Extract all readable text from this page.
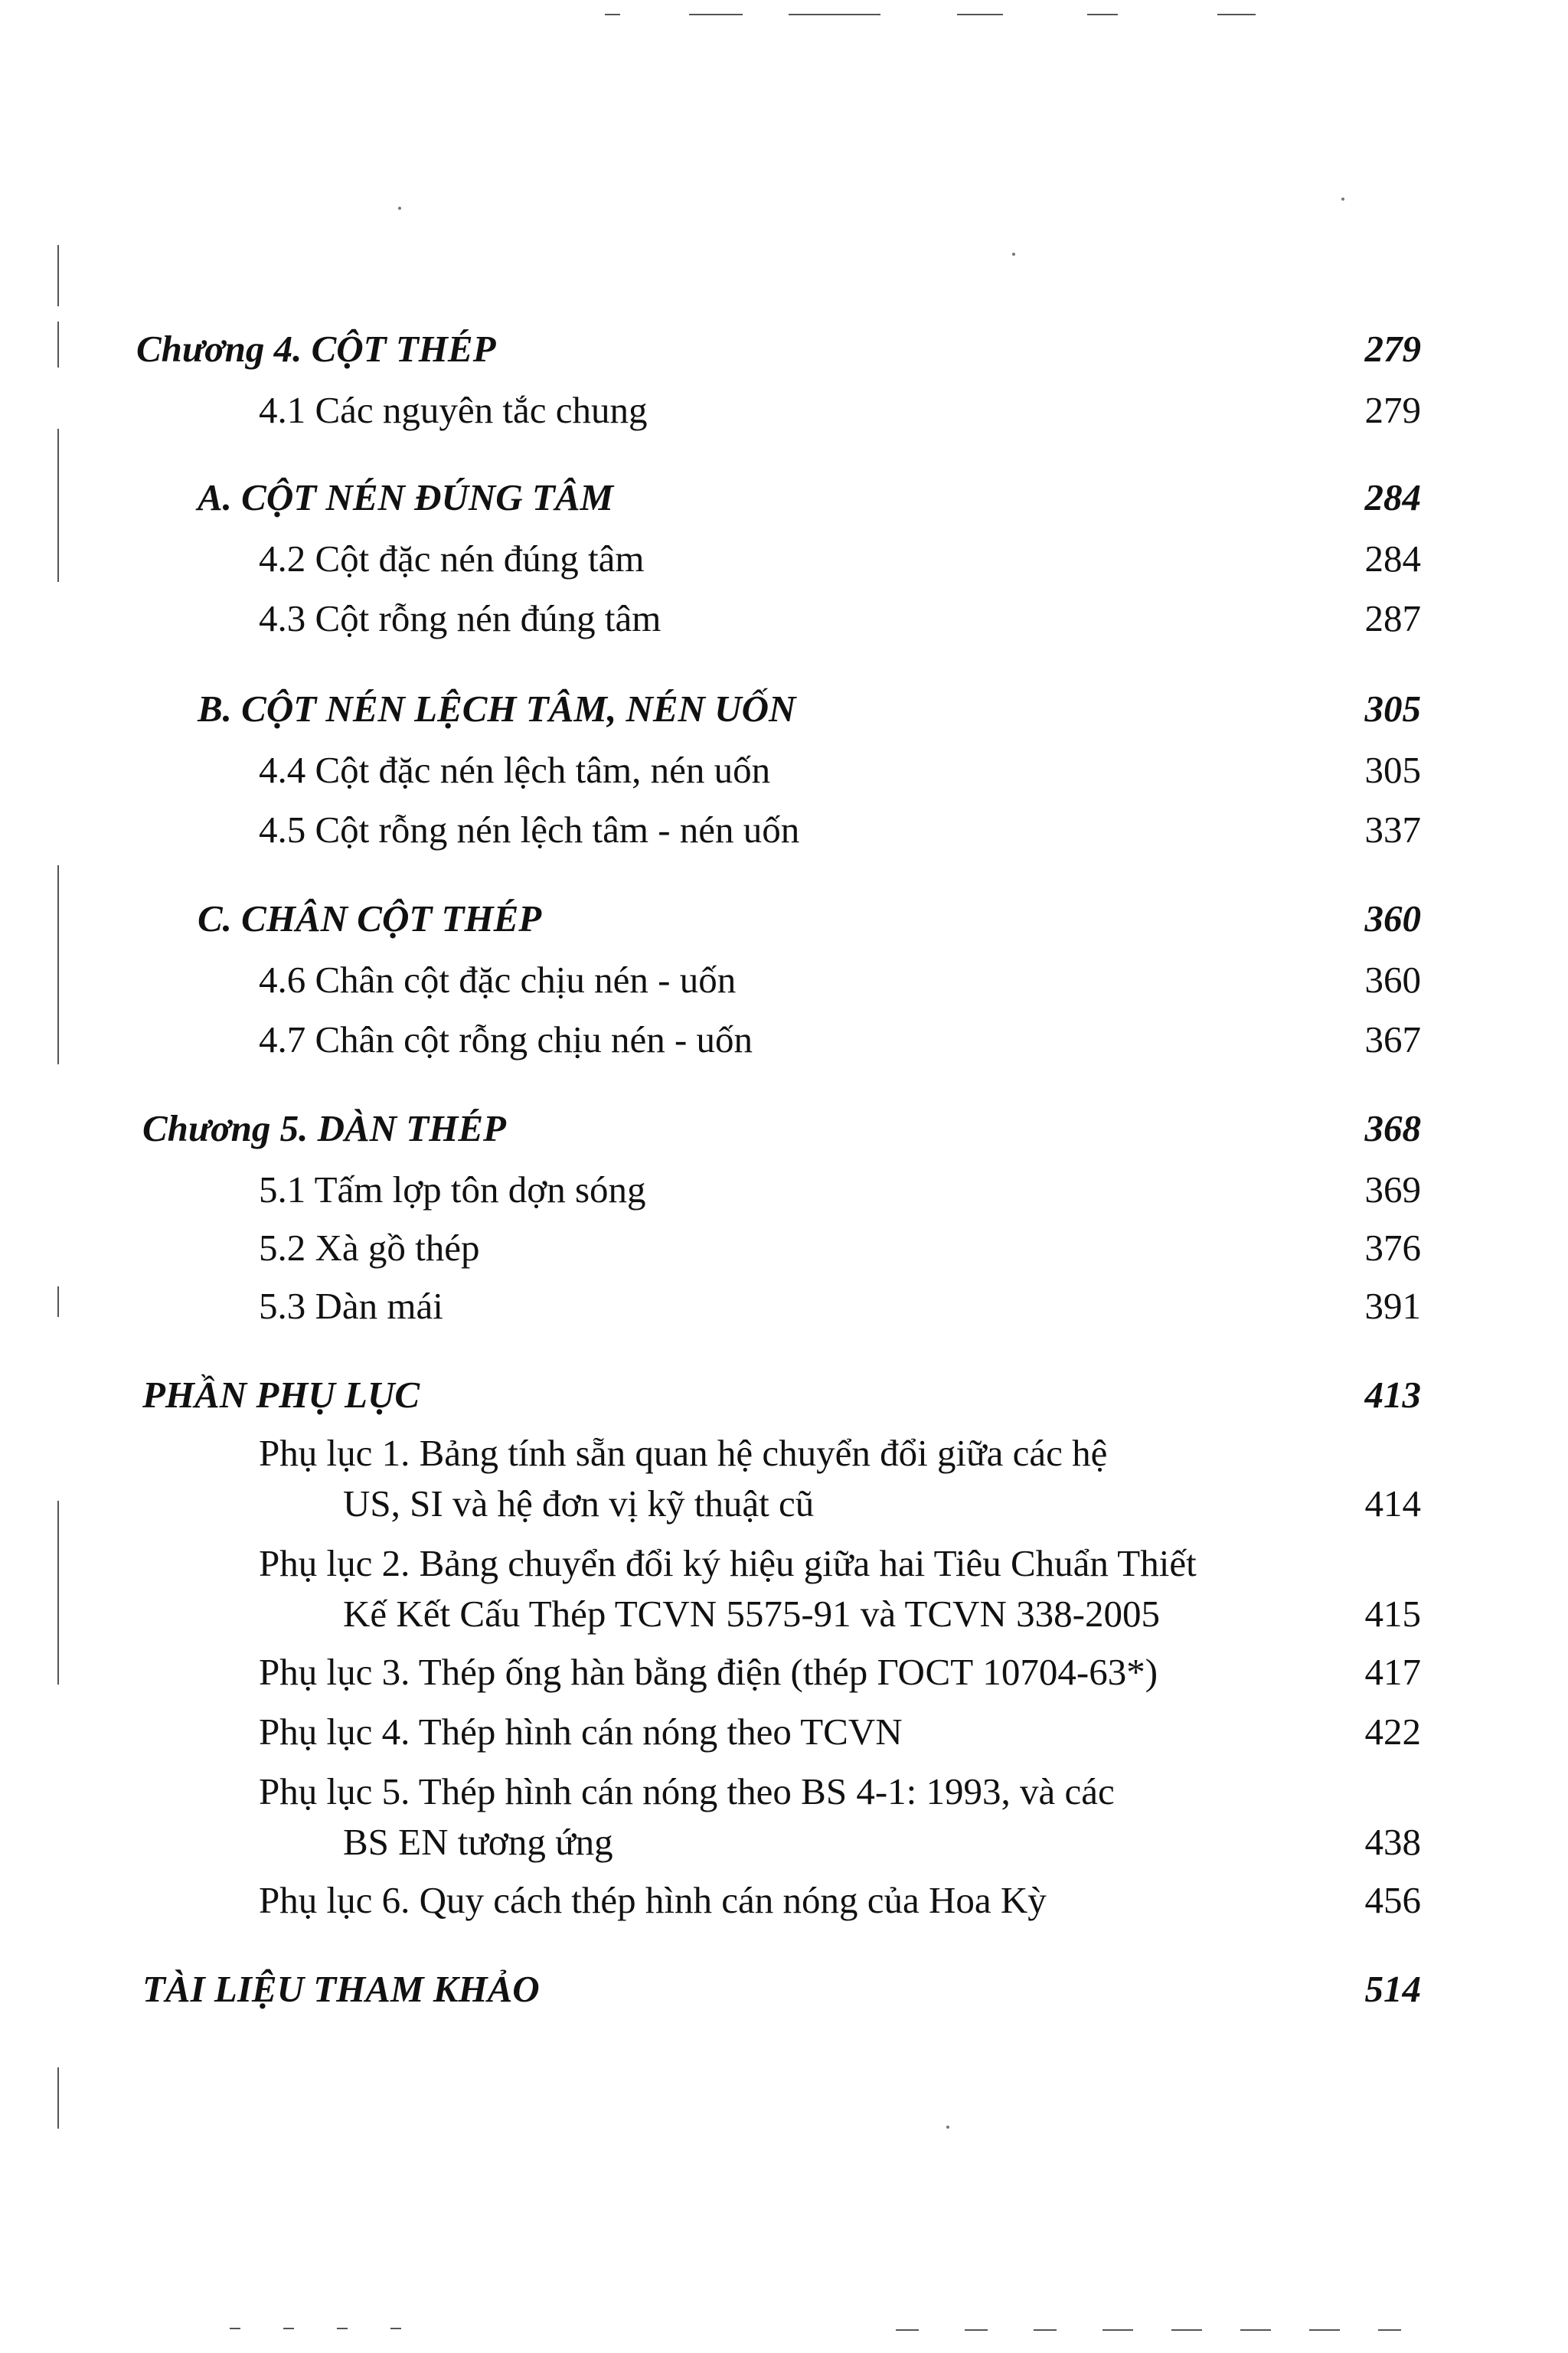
Chương 4. CỘT THÉP	279
4.1 Các nguyên tắc chung	279
A. CỘT NÉN ĐÚNG TÂM	284
4.2 Cột đặc nén đúng tâm	284
4.3 Cột rỗng nén đúng tâm	287
B. CỘT NÉN LỆCH TÂM, NÉN UỐN	305
4.4 Cột đặc nén lệch tâm, nén uốn	305
4.5 Cột rỗng nén lệch tâm - nén uốn	337
C. CHÂN CỘT THÉP	360
4.6 Chân cột đặc chịu nén - uốn	360
4.7 Chân cột rỗng chịu nén - uốn	367
Chương 5. DÀN THÉP	368
5.1 Tấm lợp tôn dợn sóng	369
5.2 Xà gồ thép	376
5.3 Dàn mái	391
PHẦN PHỤ LỤC	413
Phụ lục 1. Bảng tính sẵn quan hệ chuyển đổi giữa các hệ
US, SI và hệ đơn vị kỹ thuật cũ	414
Phụ lục 2. Bảng chuyển đổi ký hiệu giữa hai Tiêu Chuẩn Thiết
Kế Kết Cấu Thép TCVN 5575-91 và TCVN 338-2005	415
Phụ lục 3. Thép ống hàn bằng điện (thép ГОСТ 10704-63*)	417
Phụ lục 4. Thép hình cán nóng theo TCVN	422
Phụ lục 5. Thép hình cán nóng theo BS 4-1: 1993, và các
BS EN tương ứng	438
Phụ lục 6. Quy cách thép hình cán nóng của Hoa Kỳ	456
TÀI LIỆU THAM KHẢO	514
